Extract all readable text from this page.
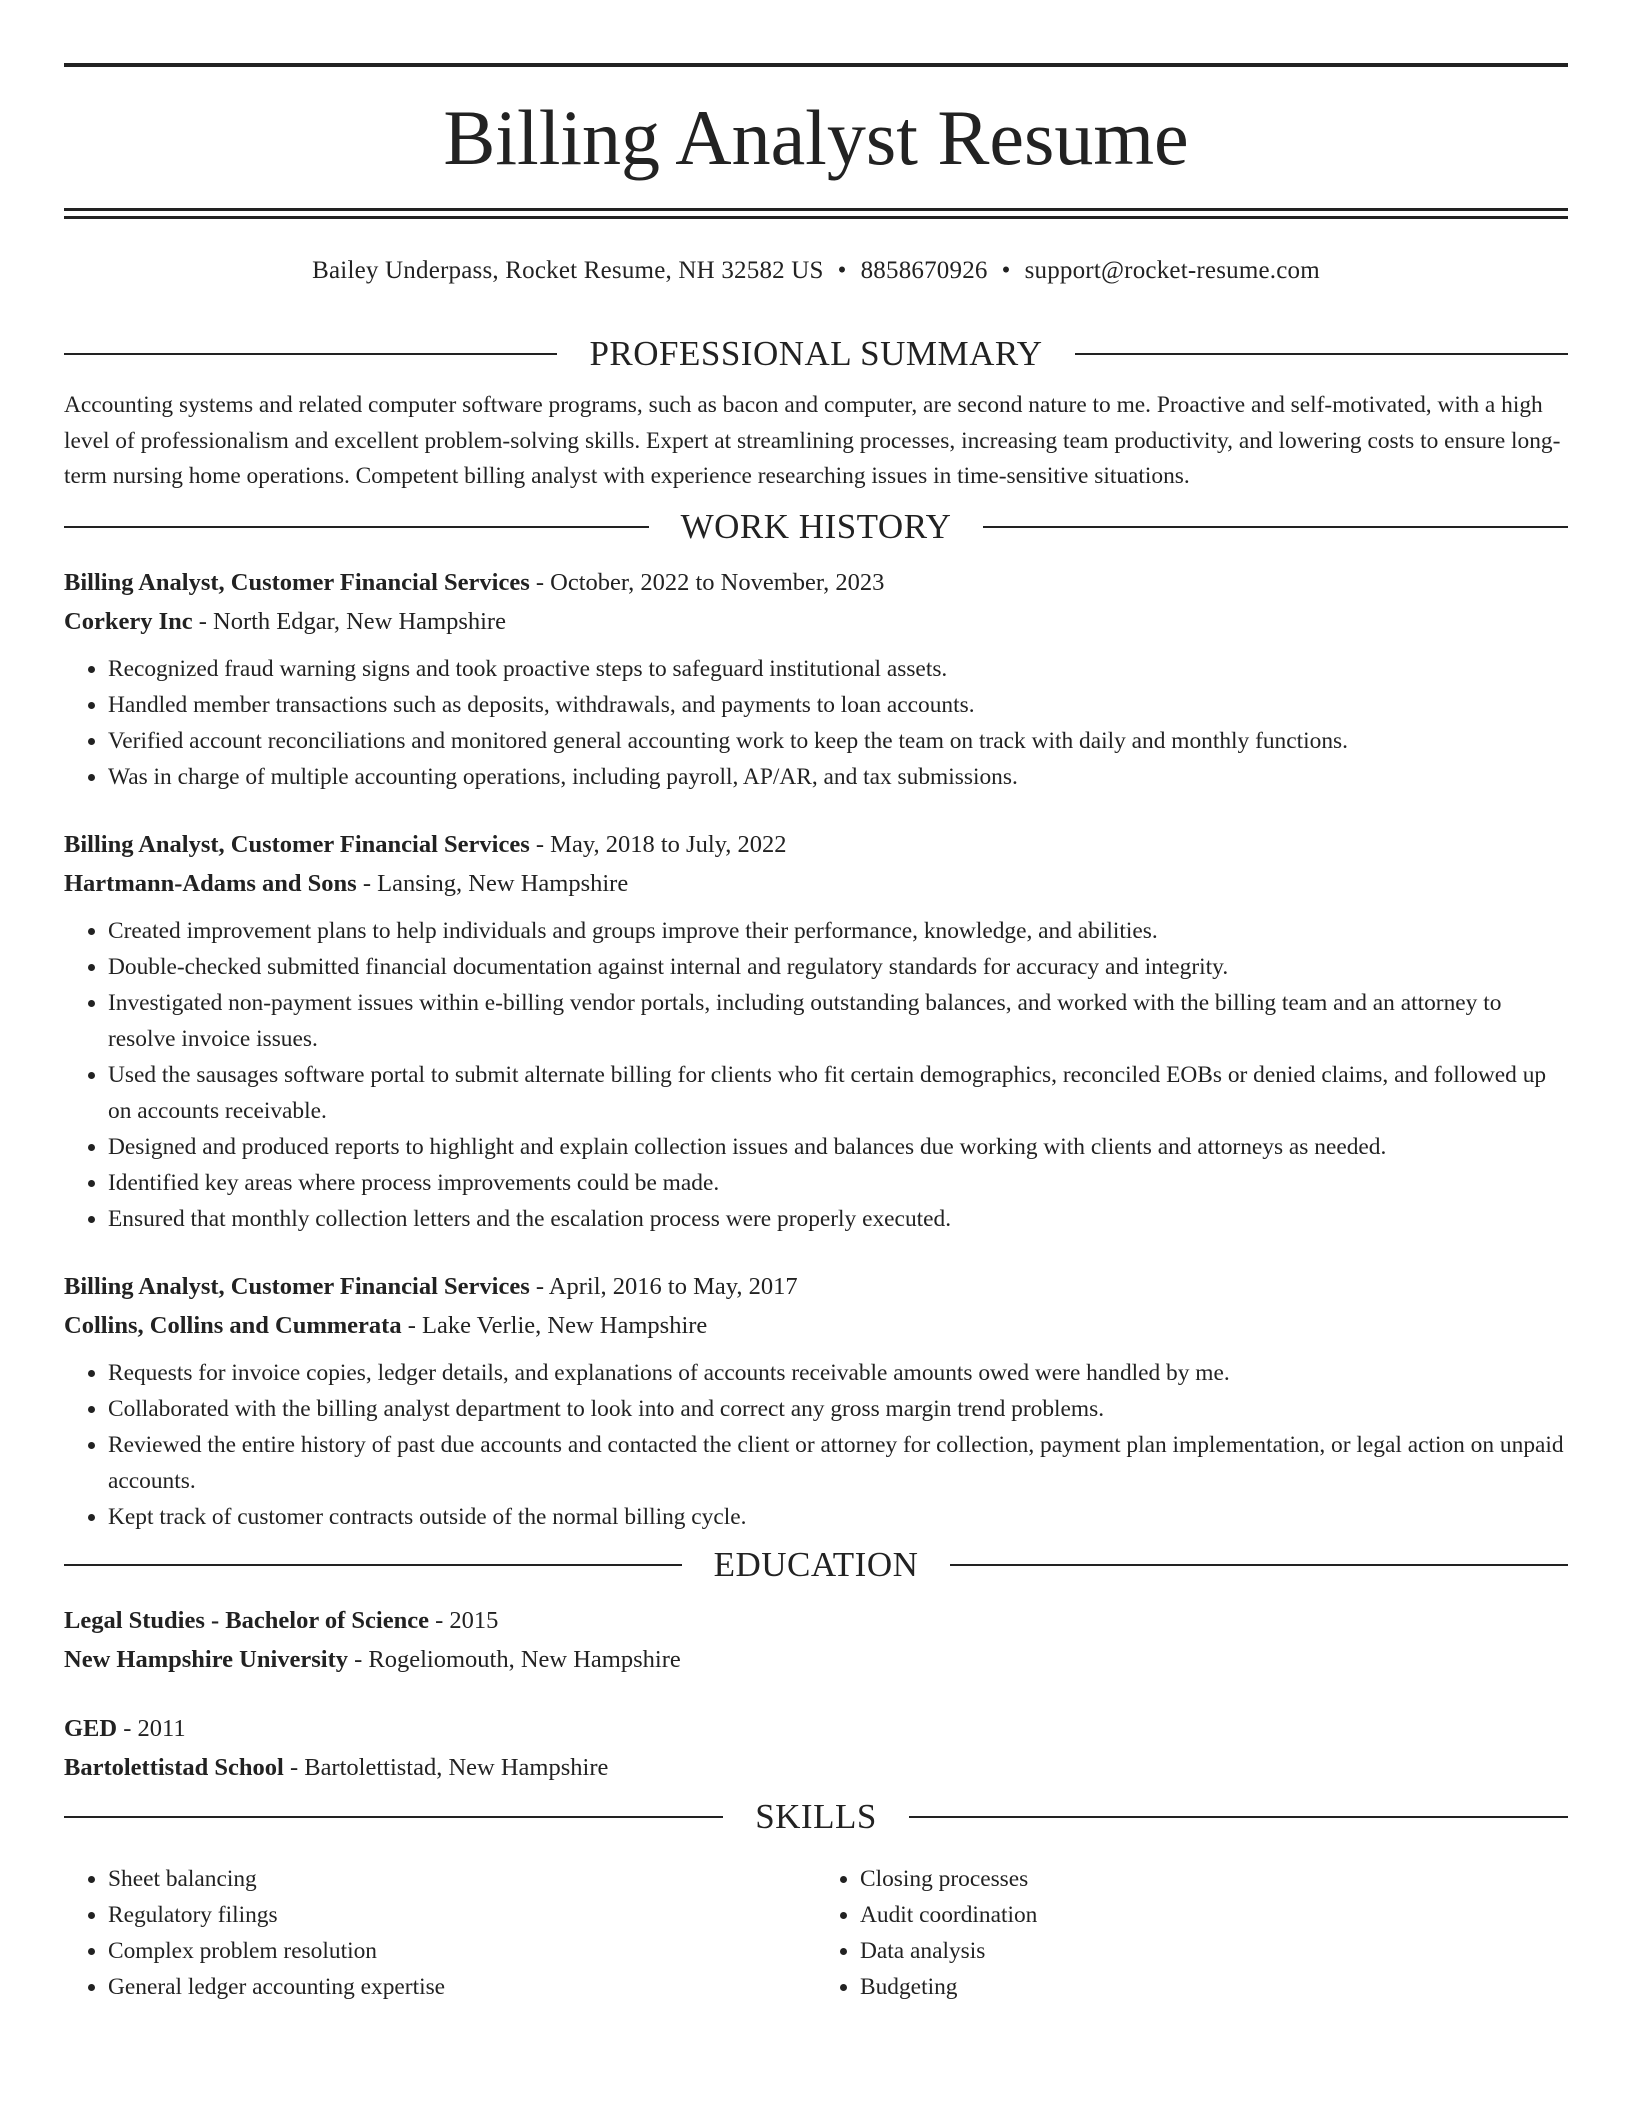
Billing Analyst Resume
Bailey Underpass, Rocket Resume, NH 32582 US • 8858670926 • support@rocket-resume.com
PROFESSIONAL SUMMARY

Accounting systems and related computer software programs, such as bacon and computer, are second nature to me. Proactive and self-motivated, with a high level of professionalism and excellent problem-solving skills. Expert at streamlining processes, increasing team productivity, and lowering costs to ensure long-term nursing home operations. Competent billing analyst with experience researching issues in time-sensitive situations.

WORK HISTORY

Billing Analyst, Customer Financial Services - October, 2022 to November, 2023

Corkery Inc - North Edgar, New Hampshire

• Recognized fraud warning signs and took proactive steps to safeguard institutional assets.
• Handled member transactions such as deposits, withdrawals, and payments to loan accounts.
• Verified account reconciliations and monitored general accounting work to keep the team on track with daily and monthly functions.
• Was in charge of multiple accounting operations, including payroll, AP/AR, and tax submissions.

Billing Analyst, Customer Financial Services - May, 2018 to July, 2022

Hartmann-Adams and Sons - Lansing, New Hampshire

• Created improvement plans to help individuals and groups improve their performance, knowledge, and abilities.
• Double-checked submitted financial documentation against internal and regulatory standards for accuracy and integrity.
• Investigated non-payment issues within e-billing vendor portals, including outstanding balances, and worked with the billing team and an attorney to resolve invoice issues.
• Used the sausages software portal to submit alternate billing for clients who fit certain demographics, reconciled EOBs or denied claims, and followed up on accounts receivable.
• Designed and produced reports to highlight and explain collection issues and balances due working with clients and attorneys as needed.
• Identified key areas where process improvements could be made.
• Ensured that monthly collection letters and the escalation process were properly executed.

Billing Analyst, Customer Financial Services - April, 2016 to May, 2017

Collins, Collins and Cummerata - Lake Verlie, New Hampshire

• Requests for invoice copies, ledger details, and explanations of accounts receivable amounts owed were handled by me.
• Collaborated with the billing analyst department to look into and correct any gross margin trend problems.
• Reviewed the entire history of past due accounts and contacted the client or attorney for collection, payment plan implementation, or legal action on unpaid accounts.
• Kept track of customer contracts outside of the normal billing cycle.
EDUCATION

Legal Studies - Bachelor of Science - 2015

New Hampshire University - Rogeliomouth, New Hampshire

GED - 2011

Bartolettistad School - Bartolettistad, New Hampshire

SKILLS
• Sheet balancing
• Regulatory filings
• Complex problem resolution
• General ledger accounting expertise
• Closing processes
• Audit coordination
• Data analysis
• Budgeting
